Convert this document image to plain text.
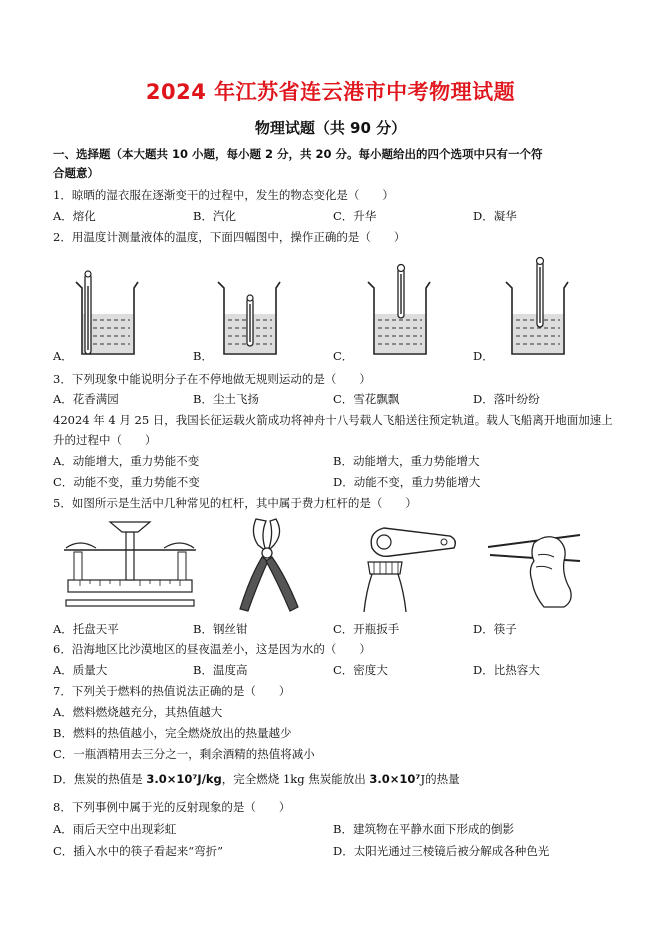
2024 年江苏省连云港市中考物理试题
物理试题（共 90 分）
一、选择题（本大题共 10 小题，每小题 2 分，共 20 分。每小题给出的四个选项中只有一个符
合题意）
1．晾晒的湿衣服在逐渐变干的过程中，发生的物态变化是（　　）
A．熔化	B．汽化	C．升华	D．凝华
2．用温度计测量液体的温度，下面四幅图中，操作正确的是（　　）
A．	B．	C．	D．
3．下列现象中能说明分子在不停地做无规则运动的是（　　）
A．花香满园	B．尘土飞扬	C．雪花飘飘	D．落叶纷纷
42024 年 4 月 25 日，我国长征运载火箭成功将神舟十八号载人飞船送往预定轨道。载人飞船离开地面加速上
升的过程中（　　）
A．动能增大，重力势能不变	B．动能增大，重力势能增大
C．动能不变，重力势能不变	D．动能不变，重力势能增大
5．如图所示是生活中几种常见的杠杆，其中属于费力杠杆的是（　　）
A．托盘天平	B．钢丝钳	C．开瓶扳手	D．筷子
6．沿海地区比沙漠地区的昼夜温差小，这是因为水的（　　）
A．质量大	B．温度高	C．密度大	D．比热容大
7．下列关于燃料的热值说法正确的是（　　）
A．燃料燃烧越充分，其热值越大
B．燃料的热值越小，完全燃烧放出的热量越少
C．一瓶酒精用去三分之一，剩余酒精的热值将减小
D．焦炭的热值是 3.0×10⁷J/kg，完全燃烧 1kg 焦炭能放出 3.0×10⁷J的热量
8．下列事例中属于光的反射现象的是（　　）
A．雨后天空中出现彩虹	B．建筑物在平静水面下形成的倒影
C．插入水中的筷子看起来“弯折”	D．太阳光通过三棱镜后被分解成各种色光
